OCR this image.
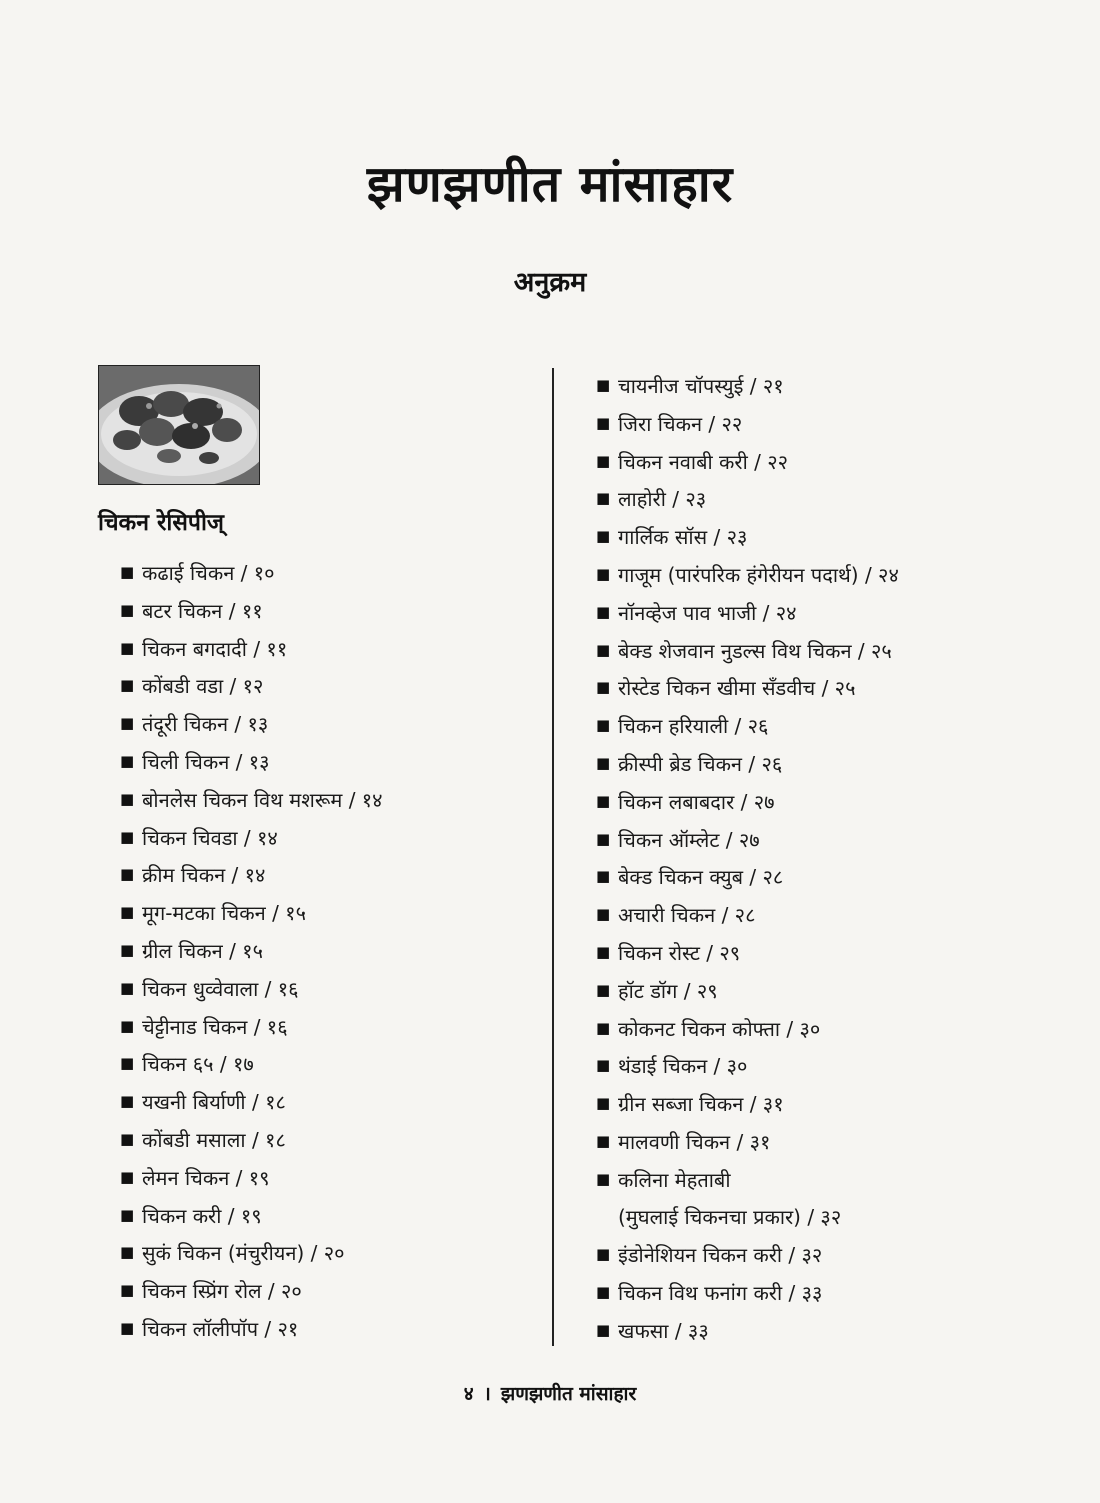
झणझणीत मांसाहार
अनुक्रम
चिकन रेसिपीज्
■ कढाई चिकन / १०
■ बटर चिकन / ११
■ चिकन बगदादी / ११
■ कोंबडी वडा / १२
■ तंदूरी चिकन / १३
■ चिली चिकन / १३
■ बोनलेस चिकन विथ मशरूम / १४
■ चिकन चिवडा / १४
■ क्रीम चिकन / १४
■ मूग-मटका चिकन / १५
■ ग्रील चिकन / १५
■ चिकन धुव्वेवाला / १६
■ चेट्टीनाड चिकन / १६
■ चिकन ६५ / १७
■ यखनी बिर्याणी / १८
■ कोंबडी मसाला / १८
■ लेमन चिकन / १९
■ चिकन करी / १९
■ सुकं चिकन (मंचुरीयन) / २०
■ चिकन स्प्रिंग रोल / २०
■ चिकन लॉलीपॉप / २१
■ चायनीज चॉपस्युई / २१
■ जिरा चिकन / २२
■ चिकन नवाबी करी / २२
■ लाहोरी / २३
■ गार्लिक सॉस / २३
■ गाजूम (पारंपरिक हंगेरीयन पदार्थ) / २४
■ नॉनव्हेज पाव भाजी / २४
■ बेक्ड शेजवान नुडल्स विथ चिकन / २५
■ रोस्टेड चिकन खीमा सँडवीच / २५
■ चिकन हरियाली / २६
■ क्रीस्पी ब्रेड चिकन / २६
■ चिकन लबाबदार / २७
■ चिकन ऑम्लेट / २७
■ बेक्ड चिकन क्युब / २८
■ अचारी चिकन / २८
■ चिकन रोस्ट / २९
■ हॉट डॉग / २९
■ कोकनट चिकन कोफ्ता / ३०
■ थंडाई चिकन / ३०
■ ग्रीन सब्जा चिकन / ३१
■ मालवणी चिकन / ३१
■ कलिना मेहताबी
(मुघलाई चिकनचा प्रकार) / ३२
■ इंडोनेशियन चिकन करी / ३२
■ चिकन विथ फनांग करी / ३३
■ खफसा / ३३
४ । झणझणीत मांसाहार
